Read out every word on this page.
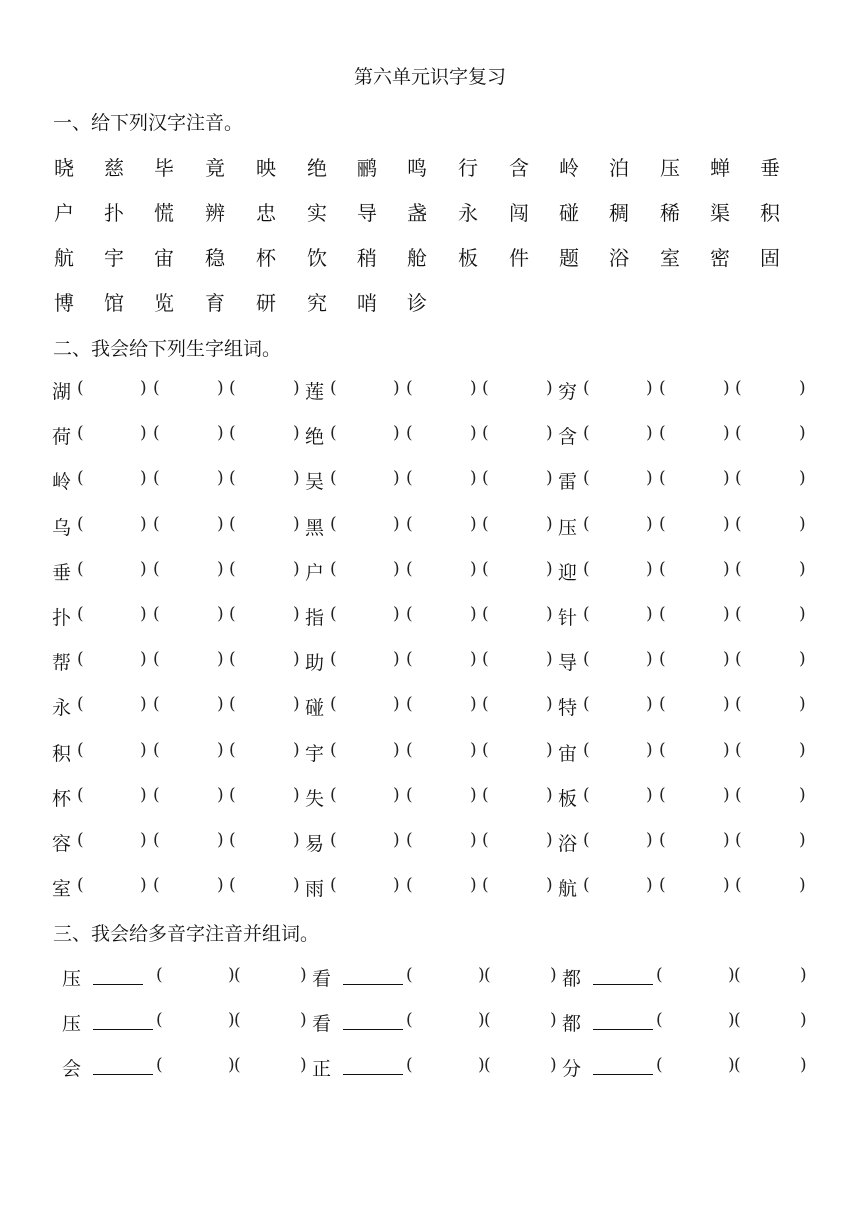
第六单元识字复习
一、给下列汉字注音。
晓 慈 毕 竟 映 绝 鹂 鸣 行 含 岭 泊 压 蝉 垂
户 扑 慌 辨 忠 实 导 盏 永 闯 碰 稠 稀 渠 积
航 宇 宙 稳 杯 饮 稍 舱 板 件 题 浴 室 密 固
博 馆 览 育 研 究 哨 诊
二、我会给下列生字组词。
湖 (	) (	) (	) 莲 (	) (	) (	) 穷 (	) (	) (	)
荷 (	) (	) (	) 绝 (	) (	) (	) 含 (	) (	) (	)
岭 (	) (	) (	) 吴 (	) (	) (	) 雷 (	) (	) (	)
乌 (	) (	) (	) 黑 (	) (	) (	) 压 (	) (	) (	)
垂 (	) (	) (	) 户 (	) (	) (	) 迎 (	) (	) (	)
扑 (	) (	) (	) 指 (	) (	) (	) 针 (	) (	) (	)
帮 (	) (	) (	) 助 (	) (	) (	) 导 (	) (	) (	)
永 (	) (	) (	) 碰 (	) (	) (	) 特 (	) (	) (	)
积 (	) (	) (	) 宇 (	) (	) (	) 宙 (	) (	) (	)
杯 (	) (	) (	) 失 (	) (	) (	) 板 (	) (	) (	)
容 (	) (	) (	) 易 (	) (	) (	) 浴 (	) (	) (	)
室 (	) (	) (	) 雨 (	) (	) (	) 航 (	) (	) (	)
三、我会给多音字注音并组词。
压	(	) (	) 看	(	) (	) 都	(	) (	)
压	(	) (	) 看	(	) (	) 都	(	) (	)
会	(	) (	) 正	(	) (	) 分	(	) (	)
